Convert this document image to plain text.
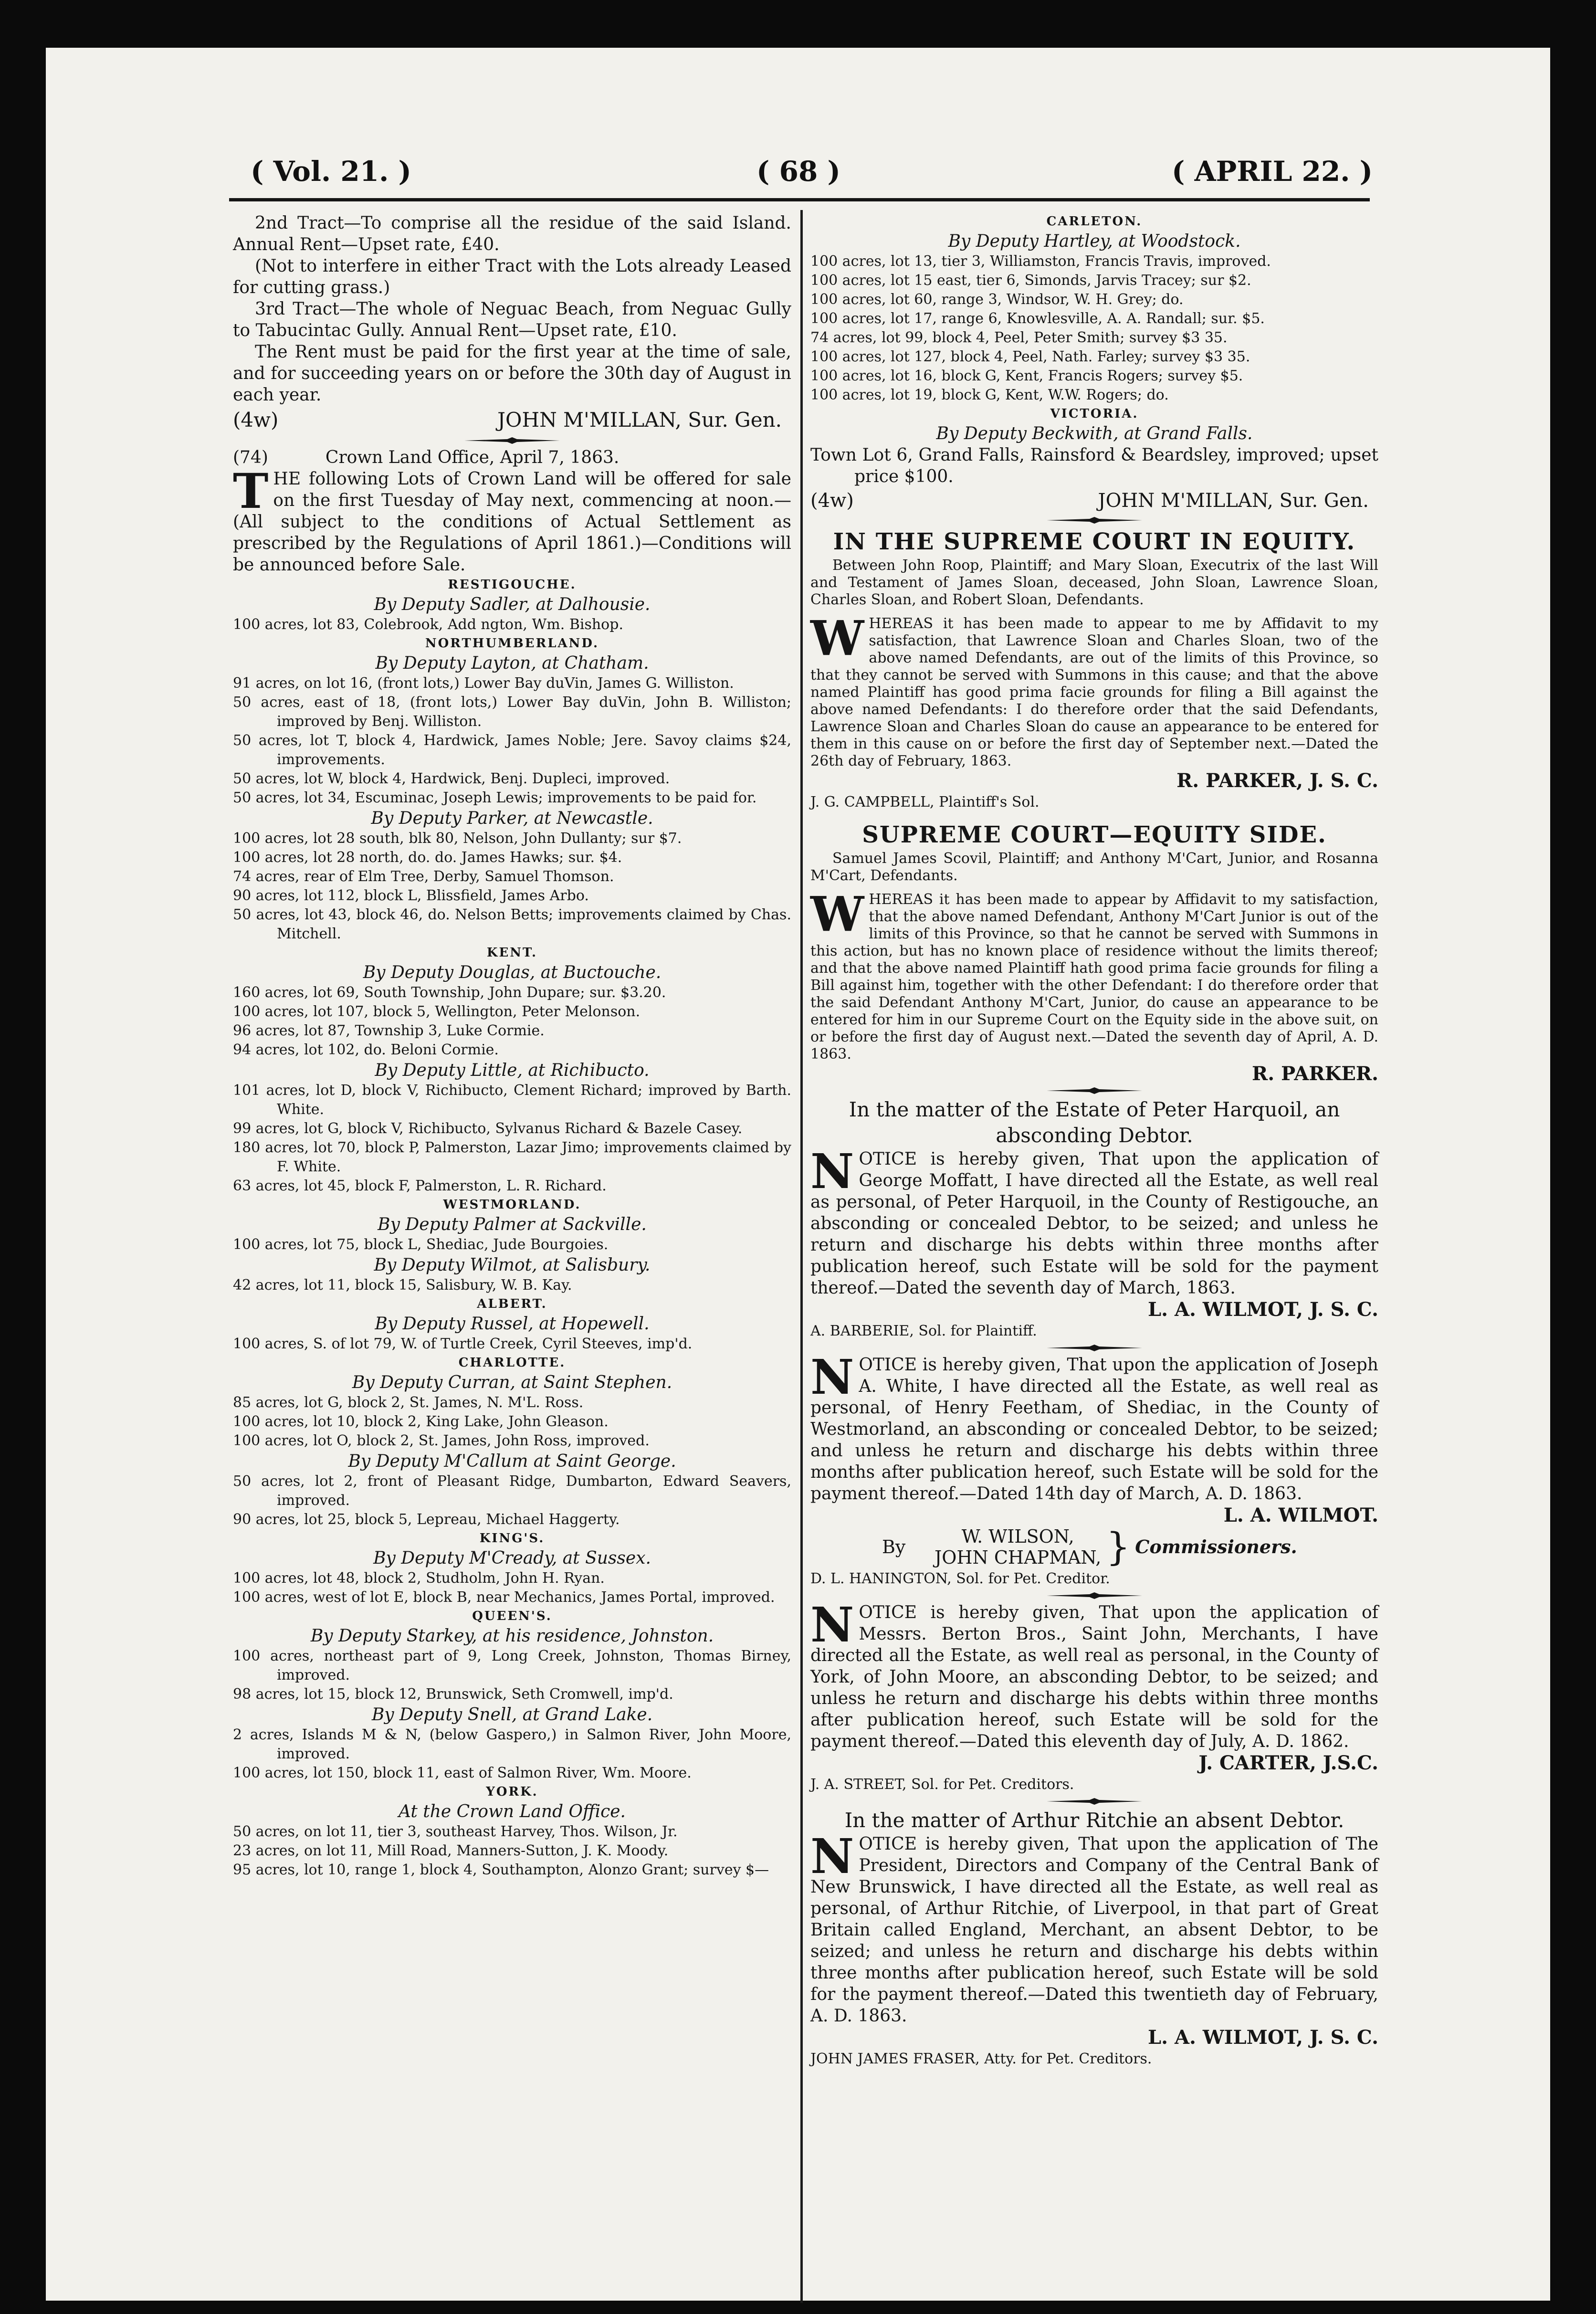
( Vol. 21. )	( 68 )	( APRIL 22. )

2nd Tract—To comprise all the residue of the said Island. Annual Rent—Upset rate, £40.

(Not to interfere in either Tract with the Lots already Leased for cutting grass.)

3rd Tract—The whole of Neguac Beach, from Neguac Gully to Tabucintac Gully. Annual Rent—Upset rate, £10.

The Rent must be paid for the first year at the time of sale, and for succeeding years on or before the 30th day of August in each year.

(4w)	JOHN M'MILLAN, Sur. Gen.

(74)	Crown Land Office, April 7, 1863.

THE following Lots of Crown Land will be offered for sale on the first Tuesday of May next, commencing at noon.—(All subject to the conditions of Actual Settlement as prescribed by the Regulations of April 1861.)—Conditions will be announced before Sale.

RESTIGOUCHE.

By Deputy Sadler, at Dalhousie.

100 acres, lot 83, Colebrook, Add ngton, Wm. Bishop.

NORTHUMBERLAND.

By Deputy Layton, at Chatham.

91 acres, on lot 16, (front lots,) Lower Bay duVin, James G. Williston.

50 acres, east of 18, (front lots,) Lower Bay duVin, John B. Williston; improved by Benj. Williston.

50 acres, lot T, block 4, Hardwick, James Noble; Jere. Savoy claims $24, improvements.

50 acres, lot W, block 4, Hardwick, Benj. Dupleci, improved.

50 acres, lot 34, Escuminac, Joseph Lewis; improvements to be paid for.

By Deputy Parker, at Newcastle.

100 acres, lot 28 south, blk 80, Nelson, John Dullanty; sur $7.

100 acres, lot 28 north, do. do. James Hawks; sur. $4.

74 acres, rear of Elm Tree, Derby, Samuel Thomson.

90 acres, lot 112, block L, Blissfield, James Arbo.

50 acres, lot 43, block 46, do. Nelson Betts; improvements claimed by Chas. Mitchell.

KENT.

By Deputy Douglas, at Buctouche.

160 acres, lot 69, South Township, John Dupare; sur. $3.20.

100 acres, lot 107, block 5, Wellington, Peter Melonson.

96 acres, lot 87, Township 3, Luke Cormie.

94 acres, lot 102, do. Beloni Cormie.

By Deputy Little, at Richibucto.

101 acres, lot D, block V, Richibucto, Clement Richard; improved by Barth. White.

99 acres, lot G, block V, Richibucto, Sylvanus Richard & Bazele Casey.

180 acres, lot 70, block P, Palmerston, Lazar Jimo; improvements claimed by F. White.

63 acres, lot 45, block F, Palmerston, L. R. Richard.

WESTMORLAND.

By Deputy Palmer at Sackville.

100 acres, lot 75, block L, Shediac, Jude Bourgoies.

By Deputy Wilmot, at Salisbury.

42 acres, lot 11, block 15, Salisbury, W. B. Kay.

ALBERT.

By Deputy Russel, at Hopewell.

100 acres, S. of lot 79, W. of Turtle Creek, Cyril Steeves, imp'd.

CHARLOTTE.

By Deputy Curran, at Saint Stephen.

85 acres, lot G, block 2, St. James, N. M'L. Ross.

100 acres, lot 10, block 2, King Lake, John Gleason.

100 acres, lot O, block 2, St. James, John Ross, improved.

By Deputy M'Callum at Saint George.

50 acres, lot 2, front of Pleasant Ridge, Dumbarton, Edward Seavers, improved.

90 acres, lot 25, block 5, Lepreau, Michael Haggerty.

KING'S.

By Deputy M'Cready, at Sussex.

100 acres, lot 48, block 2, Studholm, John H. Ryan.

100 acres, west of lot E, block B, near Mechanics, James Portal, improved.

QUEEN'S.

By Deputy Starkey, at his residence, Johnston.

100 acres, northeast part of 9, Long Creek, Johnston, Thomas Birney, improved.

98 acres, lot 15, block 12, Brunswick, Seth Cromwell, imp'd.

By Deputy Snell, at Grand Lake.

2 acres, Islands M & N, (below Gaspero,) in Salmon River, John Moore, improved.

100 acres, lot 150, block 11, east of Salmon River, Wm. Moore.

YORK.

At the Crown Land Office.

50 acres, on lot 11, tier 3, southeast Harvey, Thos. Wilson, Jr.

23 acres, on lot 11, Mill Road, Manners-Sutton, J. K. Moody.

95 acres, lot 10, range 1, block 4, Southampton, Alonzo Grant; survey $—

CARLETON.

By Deputy Hartley, at Woodstock.

100 acres, lot 13, tier 3, Williamston, Francis Travis, improved.

100 acres, lot 15 east, tier 6, Simonds, Jarvis Tracey; sur $2.

100 acres, lot 60, range 3, Windsor, W. H. Grey; do.

100 acres, lot 17, range 6, Knowlesville, A. A. Randall; sur. $5.

74 acres, lot 99, block 4, Peel, Peter Smith; survey $3 35.

100 acres, lot 127, block 4, Peel, Nath. Farley; survey $3 35.

100 acres, lot 16, block G, Kent, Francis Rogers; survey $5.

100 acres, lot 19, block G, Kent, W.W. Rogers; do.

VICTORIA.

By Deputy Beckwith, at Grand Falls.

Town Lot 6, Grand Falls, Rainsford & Beardsley, improved; upset price $100.

(4w)	JOHN M'MILLAN, Sur. Gen.

IN THE SUPREME COURT IN EQUITY.

Between John Roop, Plaintiff; and Mary Sloan, Executrix of the last Will and Testament of James Sloan, deceased, John Sloan, Lawrence Sloan, Charles Sloan, and Robert Sloan, Defendants.

WHEREAS it has been made to appear to me by Affidavit to my satisfaction, that Lawrence Sloan and Charles Sloan, two of the above named Defendants, are out of the limits of this Province, so that they cannot be served with Summons in this cause; and that the above named Plaintiff has good prima facie grounds for filing a Bill against the above named Defendants: I do therefore order that the said Defendants, Lawrence Sloan and Charles Sloan do cause an appearance to be entered for them in this cause on or before the first day of September next.—Dated the 26th day of February, 1863.

R. PARKER, J. S. C.

J. G. CAMPBELL, Plaintiff's Sol.

SUPREME COURT—EQUITY SIDE.

Samuel James Scovil, Plaintiff; and Anthony M'Cart, Junior, and Rosanna M'Cart, Defendants.

WHEREAS it has been made to appear by Affidavit to my satisfaction, that the above named Defendant, Anthony M'Cart Junior is out of the limits of this Province, so that he cannot be served with Summons in this action, but has no known place of residence without the limits thereof; and that the above named Plaintiff hath good prima facie grounds for filing a Bill against him, together with the other Defendant: I do therefore order that the said Defendant Anthony M'Cart, Junior, do cause an appearance to be entered for him in our Supreme Court on the Equity side in the above suit, on or before the first day of August next.—Dated the seventh day of April, A. D. 1863.

R. PARKER.

In the matter of the Estate of Peter Harquoil, an absconding Debtor.

NOTICE is hereby given, That upon the application of George Moffatt, I have directed all the Estate, as well real as personal, of Peter Harquoil, in the County of Restigouche, an absconding or concealed Debtor, to be seized; and unless he return and discharge his debts within three months after publication hereof, such Estate will be sold for the payment thereof.—Dated the seventh day of March, 1863.

L. A. WILMOT, J. S. C.

A. BARBERIE, Sol. for Plaintiff.

NOTICE is hereby given, That upon the application of Joseph A. White, I have directed all the Estate, as well real as personal, of Henry Feetham, of Shediac, in the County of Westmorland, an absconding or concealed Debtor, to be seized; and unless he return and discharge his debts within three months after publication hereof, such Estate will be sold for the payment thereof.—Dated 14th day of March, A. D. 1863.

L. A. WILMOT.

By	W. WILSON,
JOHN CHAPMAN, } Commissioners.

D. L. HANINGTON, Sol. for Pet. Creditor.

NOTICE is hereby given, That upon the application of Messrs. Berton Bros., Saint John, Merchants, I have directed all the Estate, as well real as personal, in the County of York, of John Moore, an absconding Debtor, to be seized; and unless he return and discharge his debts within three months after publication hereof, such Estate will be sold for the payment thereof.—Dated this eleventh day of July, A. D. 1862.

J. CARTER, J.S.C.

J. A. STREET, Sol. for Pet. Creditors.

In the matter of Arthur Ritchie an absent Debtor.

NOTICE is hereby given, That upon the application of The President, Directors and Company of the Central Bank of New Brunswick, I have directed all the Estate, as well real as personal, of Arthur Ritchie, of Liverpool, in that part of Great Britain called England, Merchant, an absent Debtor, to be seized; and unless he return and discharge his debts within three months after publication hereof, such Estate will be sold for the payment thereof.—Dated this twentieth day of February, A. D. 1863.

L. A. WILMOT, J. S. C.

JOHN JAMES FRASER, Atty. for Pet. Creditors.
